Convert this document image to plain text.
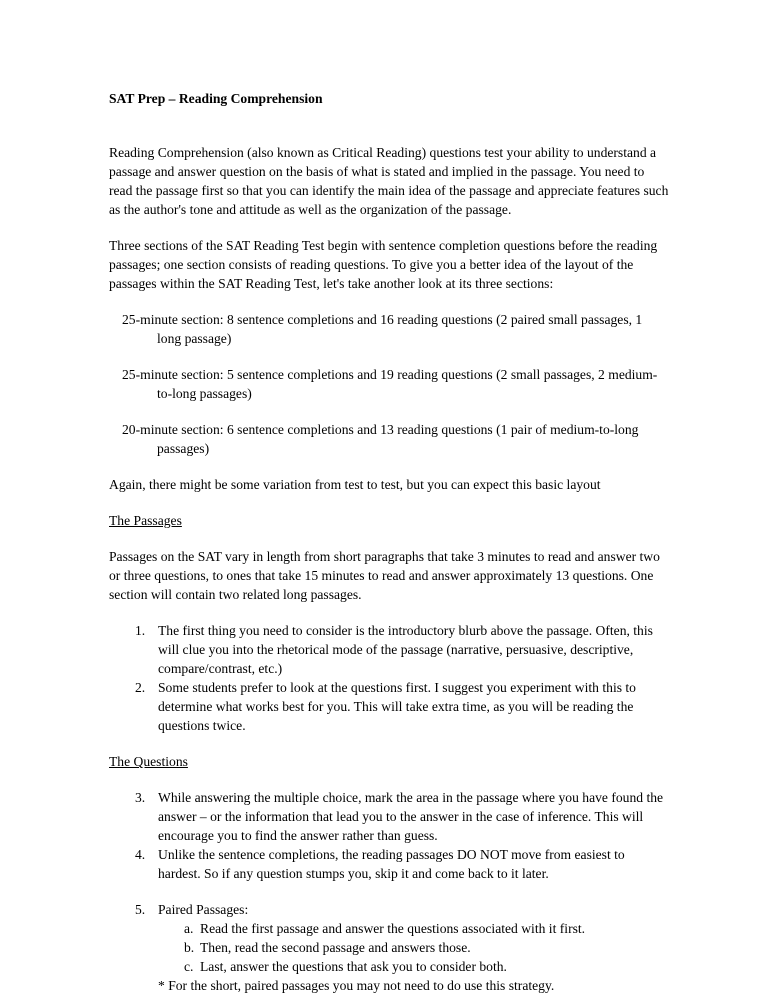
SAT Prep – Reading Comprehension

Reading Comprehension (also known as Critical Reading) questions test your ability to understand a passage and answer question on the basis of what is stated and implied in the passage. You need to read the passage first so that you can identify the main idea of the passage and appreciate features such as the author's tone and attitude as well as the organization of the passage.

Three sections of the SAT Reading Test begin with sentence completion questions before the reading passages; one section consists of reading questions. To give you a better idea of the layout of the passages within the SAT Reading Test, let's take another look at its three sections:

25-minute section: 8 sentence completions and 16 reading questions (2 paired small passages, 1 long passage)

25-minute section: 5 sentence completions and 19 reading questions (2 small passages, 2 medium-to-long passages)

20-minute section: 6 sentence completions and 13 reading questions (1 pair of medium-to-long passages)

Again, there might be some variation from test to test, but you can expect this basic layout

The Passages

Passages on the SAT vary in length from short paragraphs that take 3 minutes to read and answer two or three questions, to ones that take 15 minutes to read and answer approximately 13 questions. One section will contain two related long passages.

1. The first thing you need to consider is the introductory blurb above the passage. Often, this will clue you into the rhetorical mode of the passage (narrative, persuasive, descriptive, compare/contrast, etc.)
2. Some students prefer to look at the questions first. I suggest you experiment with this to determine what works best for you. This will take extra time, as you will be reading the questions twice.

The Questions

3. While answering the multiple choice, mark the area in the passage where you have found the answer – or the information that lead you to the answer in the case of inference. This will encourage you to find the answer rather than guess.
4. Unlike the sentence completions, the reading passages DO NOT move from easiest to hardest. So if any question stumps you, skip it and come back to it later.
5. Paired Passages:
a. Read the first passage and answer the questions associated with it first.
b. Then, read the second passage and answers those.
c. Last, answer the questions that ask you to consider both.

* For the short, paired passages you may not need to do use this strategy.
